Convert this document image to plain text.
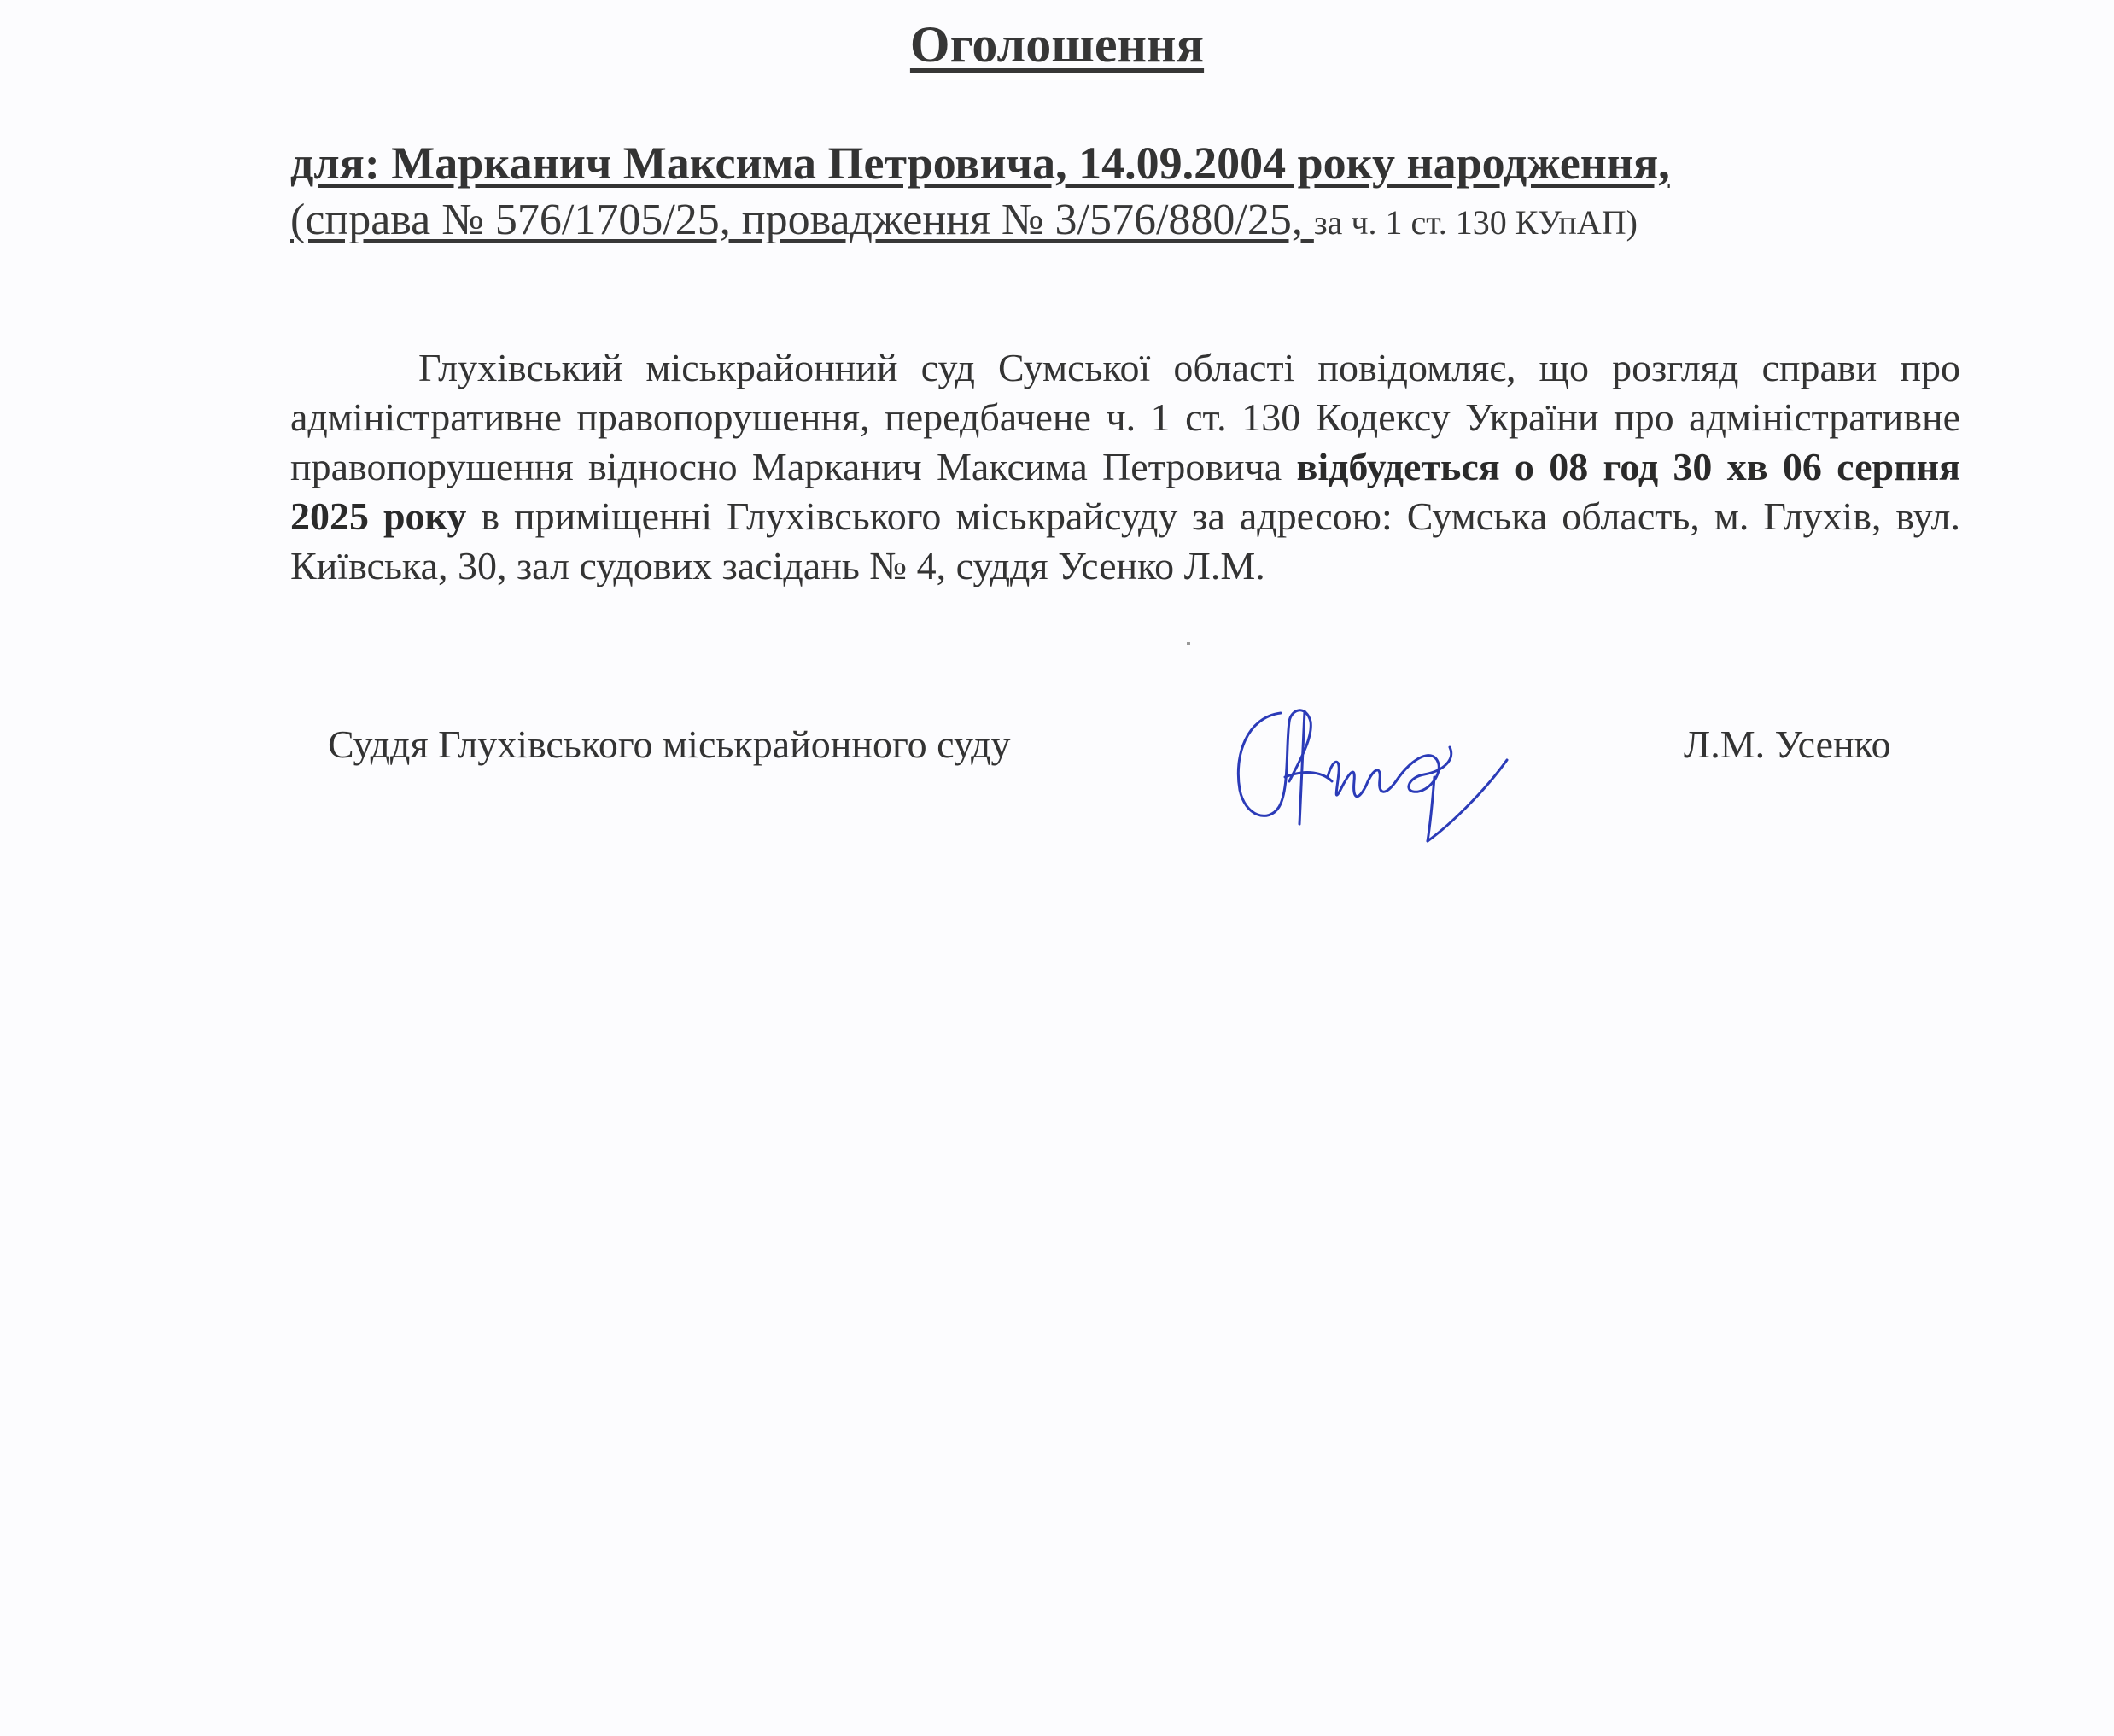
Оголошення
для: Марканич Максима Петровича, 14.09.2004 року народження,
(справа № 576/1705/25, провадження № 3/576/880/25, за ч. 1 ст. 130 КУпАП)
Глухівський міськрайонний суд Сумської області повідомляє, що розгляд справи про адміністративне правопорушення, передбачене ч. 1 ст. 130 Кодексу України про адміністративне правопорушення відносно Марканич Максима Петровича відбудеться о 08 год 30 хв 06 серпня 2025 року в приміщенні Глухівського міськрайсуду за адресою: Сумська область, м. Глухів, вул. Київська, 30, зал судових засідань № 4, суддя Усенко Л.М.
Суддя Глухівського міськрайонного суду	Л.М. Усенко
